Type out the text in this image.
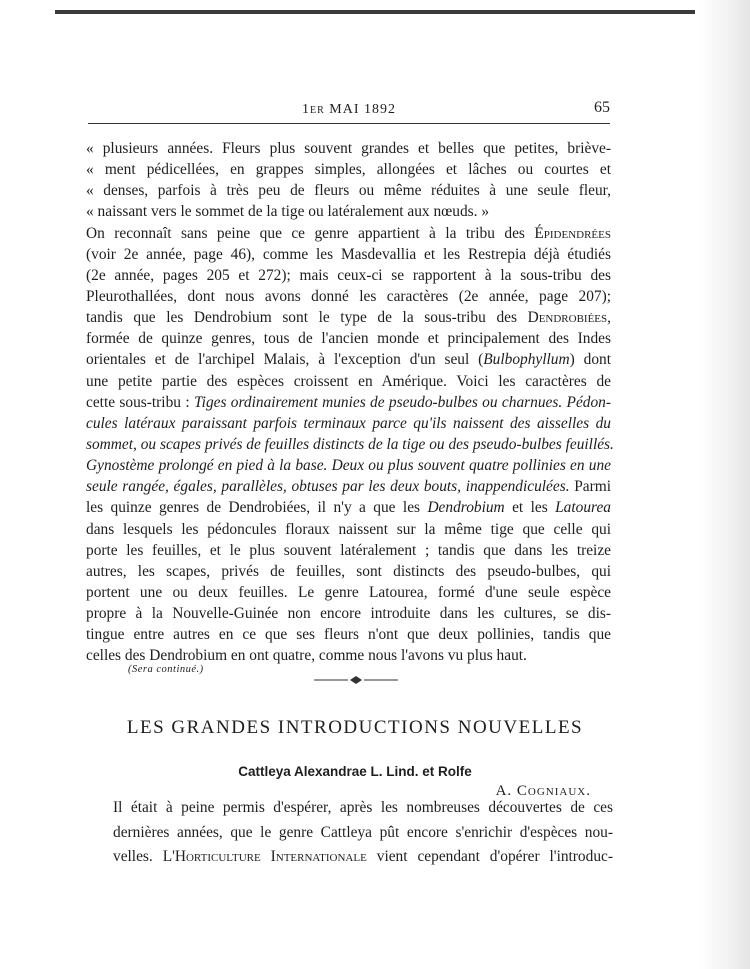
1er MAI 1892	65
« plusieurs années. Fleurs plus souvent grandes et belles que petites, briève-
« ment pédicellées, en grappes simples, allongées et lâches ou courtes et
« denses, parfois à très peu de fleurs ou même réduites à une seule fleur,
« naissant vers le sommet de la tige ou latéralement aux nœuds. »
On reconnaît sans peine que ce genre appartient à la tribu des Épidendrées
(voir 2e année, page 46), comme les Masdevallia et les Restrepia déjà étudiés
(2e année, pages 205 et 272); mais ceux-ci se rapportent à la sous-tribu des
Pleurothallées, dont nous avons donné les caractères (2e année, page 207);
tandis que les Dendrobium sont le type de la sous-tribu des Dendrobiées,
formée de quinze genres, tous de l'ancien monde et principalement des Indes
orientales et de l'archipel Malais, à l'exception d'un seul (Bulbophyllum) dont
une petite partie des espèces croissent en Amérique. Voici les caractères de
cette sous-tribu : Tiges ordinairement munies de pseudo-bulbes ou charnues. Pédon-
cules latéraux paraissant parfois terminaux parce qu'ils naissent des aisselles du
sommet, ou scapes privés de feuilles distincts de la tige ou des pseudo-bulbes feuillés.
Gynostème prolongé en pied à la base. Deux ou plus souvent quatre pollinies en une
seule rangée, égales, parallèles, obtuses par les deux bouts, inappendiculées. Parmi
les quinze genres de Dendrobiées, il n'y a que les Dendrobium et les Latourea
dans lesquels les pédoncules floraux naissent sur la même tige que celle qui
porte les feuilles, et le plus souvent latéralement ; tandis que dans les treize
autres, les scapes, privés de feuilles, sont distincts des pseudo-bulbes, qui
portent une ou deux feuilles. Le genre Latourea, formé d'une seule espèce
propre à la Nouvelle-Guinée non encore introduite dans les cultures, se dis-
tingue entre autres en ce que ses fleurs n'ont que deux pollinies, tandis que
celles des Dendrobium en ont quatre, comme nous l'avons vu plus haut.
A. Cogniaux.
(Sera continué.)
LES GRANDES INTRODUCTIONS NOUVELLES
Cattleya Alexandrae L. Lind. et Rolfe
Il était à peine permis d'espérer, après les nombreuses découvertes de ces
dernières années, que le genre Cattleya pût encore s'enrichir d'espèces nou-
velles. L'Horticulture Internationale vient cependant d'opérer l'introduc-
